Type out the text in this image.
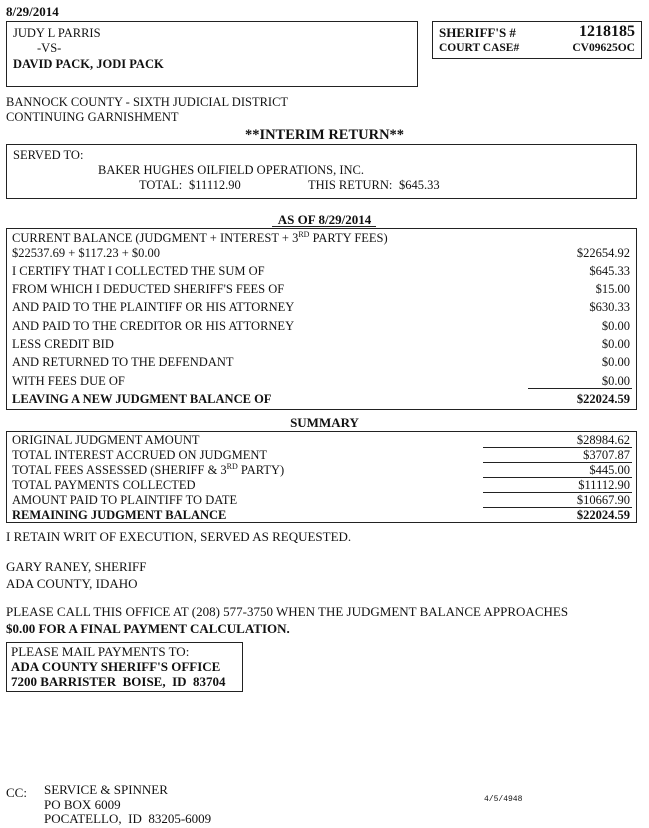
8/29/2014
JUDY L PARRIS
-VS-
DAVID PACK, JODI PACK
SHERIFF'S #	1218185
COURT CASE#	CV09625OC
BANNOCK COUNTY - SIXTH JUDICIAL DISTRICT
CONTINUING GARNISHMENT
**INTERIM RETURN**
SERVED TO:
BAKER HUGHES OILFIELD OPERATIONS, INC.
TOTAL: $11112.90	THIS RETURN: $645.33
AS OF 8/29/2014
CURRENT BALANCE (JUDGMENT + INTEREST + 3RD PARTY FEES)
$22537.69 + $117.23 + $0.00	$22654.92
I CERTIFY THAT I COLLECTED THE SUM OF	$645.33
FROM WHICH I DEDUCTED SHERIFF'S FEES OF	$15.00
AND PAID TO THE PLAINTIFF OR HIS ATTORNEY	$630.33
AND PAID TO THE CREDITOR OR HIS ATTORNEY	$0.00
LESS CREDIT BID	$0.00
AND RETURNED TO THE DEFENDANT	$0.00
WITH FEES DUE OF	$0.00
LEAVING A NEW JUDGMENT BALANCE OF	$22024.59
SUMMARY
ORIGINAL JUDGMENT AMOUNT	$28984.62
TOTAL INTEREST ACCRUED ON JUDGMENT	$3707.87
TOTAL FEES ASSESSED (SHERIFF & 3RD PARTY)	$445.00
TOTAL PAYMENTS COLLECTED	$11112.90
AMOUNT PAID TO PLAINTIFF TO DATE	$10667.90
REMAINING JUDGMENT BALANCE	$22024.59
I RETAIN WRIT OF EXECUTION, SERVED AS REQUESTED.
GARY RANEY, SHERIFF
ADA COUNTY, IDAHO
PLEASE CALL THIS OFFICE AT (208) 577-3750 WHEN THE JUDGMENT BALANCE APPROACHES
$0.00 FOR A FINAL PAYMENT CALCULATION.
PLEASE MAIL PAYMENTS TO:
ADA COUNTY SHERIFF'S OFFICE
7200 BARRISTER  BOISE,  ID  83704
CC: SERVICE & SPINNER
PO BOX 6009
POCATELLO,  ID  83205-6009
4/5/4948
